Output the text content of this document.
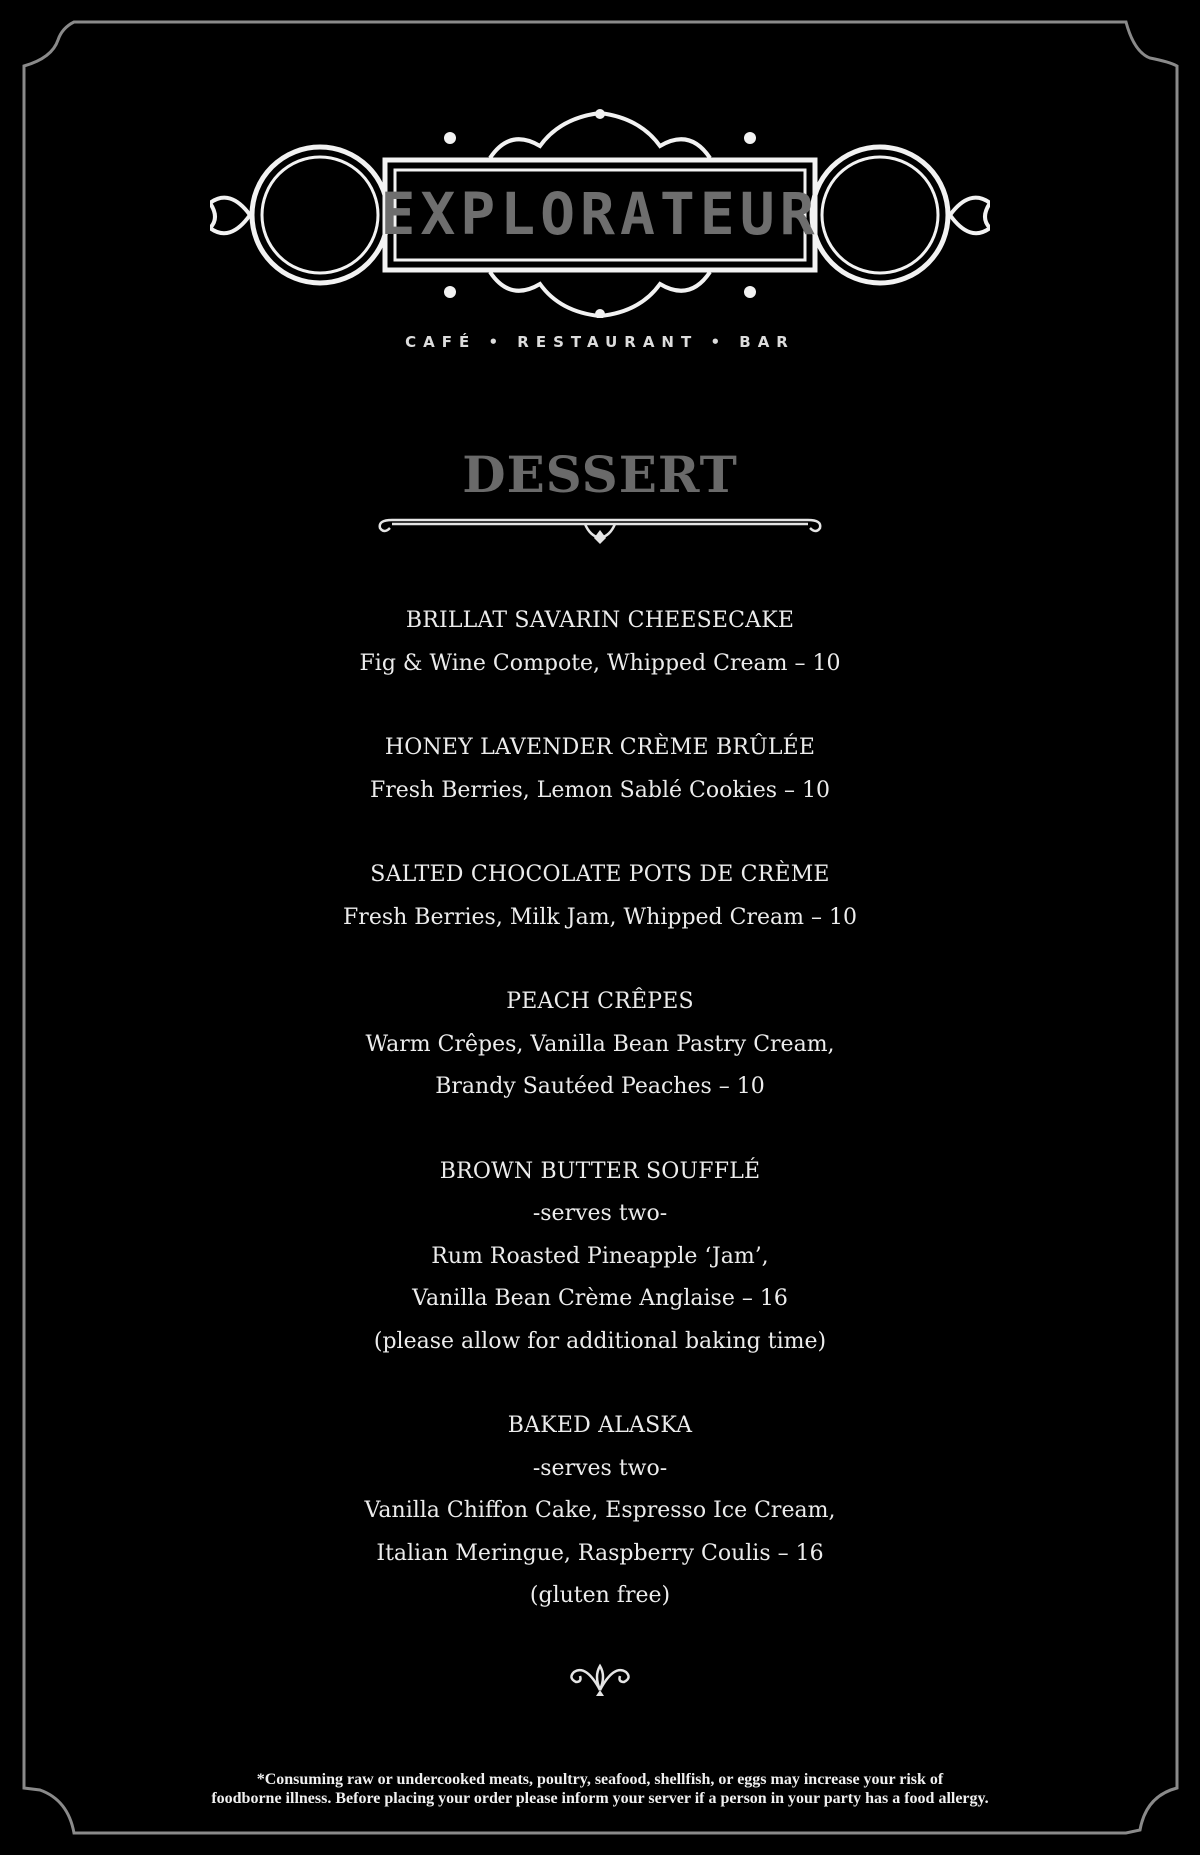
EXPLORATEUR
CAFÉ • RESTAURANT • BAR
DESSERT
BRILLAT SAVARIN CHEESECAKE
Fig & Wine Compote, Whipped Cream – 10
HONEY LAVENDER CRÈME BRÛLÉE
Fresh Berries, Lemon Sablé Cookies – 10
SALTED CHOCOLATE POTS DE CRÈME
Fresh Berries, Milk Jam, Whipped Cream – 10
PEACH CRÊPES
Warm Crêpes, Vanilla Bean Pastry Cream,
Brandy Sautéed Peaches – 10
BROWN BUTTER SOUFFLÉ
-serves two-
Rum Roasted Pineapple ‘Jam’,
Vanilla Bean Crème Anglaise – 16
(please allow for additional baking time)
BAKED ALASKA
-serves two-
Vanilla Chiffon Cake, Espresso Ice Cream,
Italian Meringue, Raspberry Coulis – 16
(gluten free)
*Consuming raw or undercooked meats, poultry, seafood, shellfish, or eggs may increase your risk of
foodborne illness. Before placing your order please inform your server if a person in your party has a food allergy.
